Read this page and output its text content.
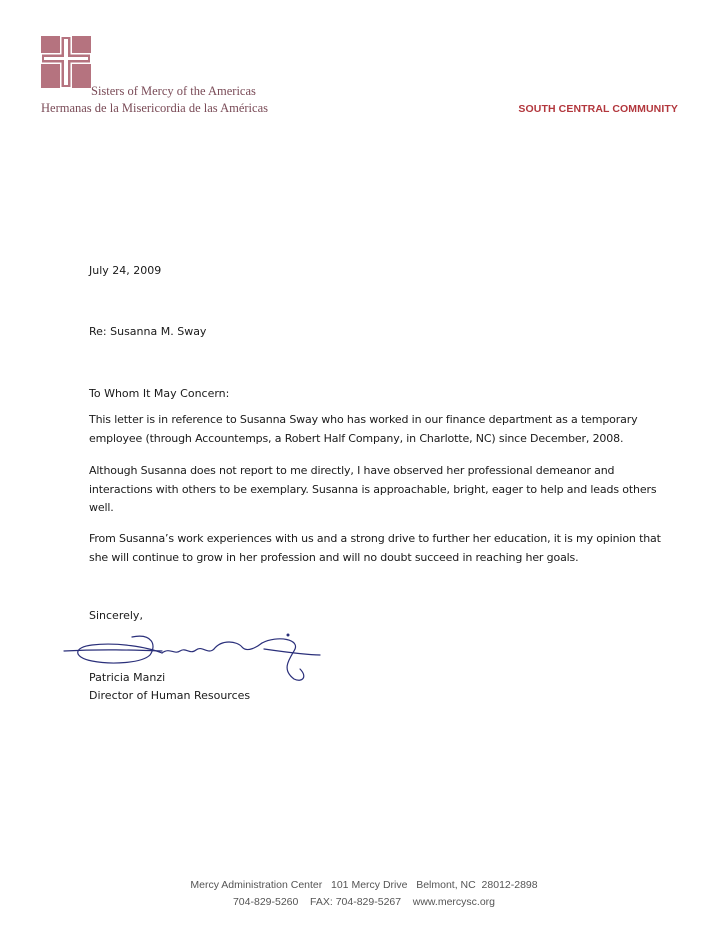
Sisters of Mercy of the Americas
Hermanas de la Misericordia de las Américas	SOUTH CENTRAL COMMUNITY
July 24, 2009
Re: Susanna M. Sway
To Whom It May Concern:
This letter is in reference to Susanna Sway who has worked in our finance department as a temporary employee (through Accountemps, a Robert Half Company, in Charlotte, NC) since December, 2008.
Although Susanna does not report to me directly, I have observed her professional demeanor and interactions with others to be exemplary. Susanna is approachable, bright, eager to help and leads others well.
From Susanna’s work experiences with us and a strong drive to further her education, it is my opinion that she will continue to grow in her profession and will no doubt succeed in reaching her goals.
Sincerely,
Patricia Manzi
Director of Human Resources
Mercy Administration Center   101 Mercy Drive   Belmont, NC  28012-2898
704-829-5260    FAX: 704-829-5267    www.mercysc.org
